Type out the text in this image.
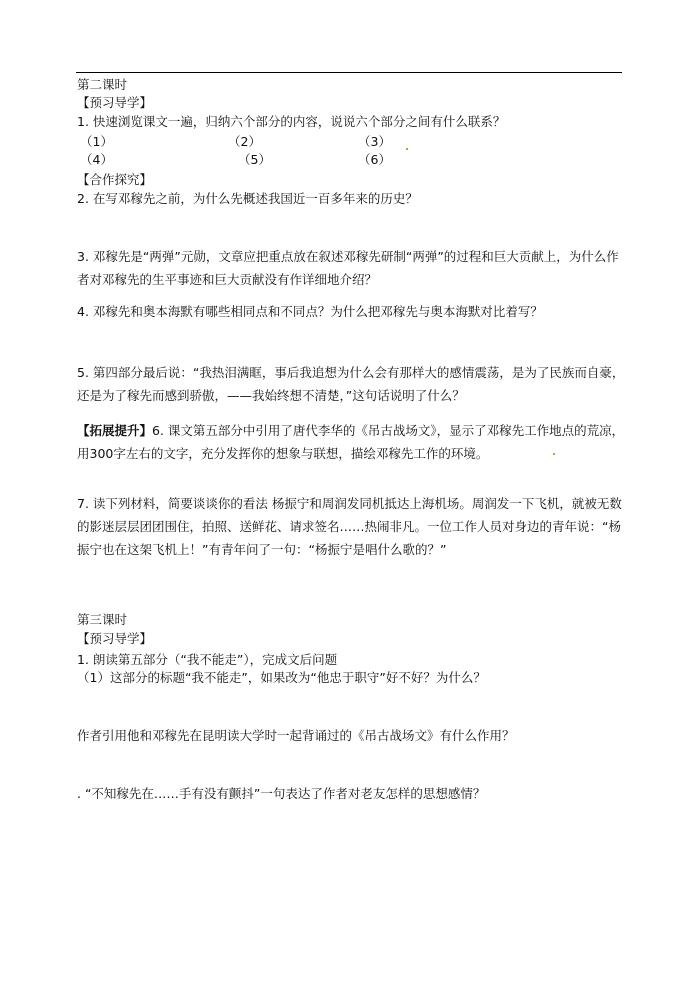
第二课时
【预习导学】
1. 快速浏览课文一遍，归纳六个部分的内容，说说六个部分之间有什么联系？
（1）	（2）	（3）
（4）	（5）	（6）
【合作探究】
2. 在写邓稼先之前，为什么先概述我国近一百多年来的历史？
3. 邓稼先是“两弹”元勋，文章应把重点放在叙述邓稼先研制“两弹”的过程和巨大贡献上，为什么作者对邓稼先的生平事迹和巨大贡献没有作详细地介绍？
4. 邓稼先和奥本海默有哪些相同点和不同点？为什么把邓稼先与奥本海默对比着写？
5. 第四部分最后说：“我热泪满眶，事后我追想为什么会有那样大的感情震荡，是为了民族而自豪，还是为了稼先而感到骄傲，——我始终想不清楚，”这句话说明了什么？
【拓展提升】6. 课文第五部分中引用了唐代李华的《吊古战场文》，显示了邓稼先工作地点的荒凉，用300字左右的文字，充分发挥你的想象与联想，描绘邓稼先工作的环境。
7. 读下列材料，简要谈谈你的看法 杨振宁和周润发同机抵达上海机场。周润发一下飞机，就被无数的影迷层层团团围住，拍照、送鲜花、请求签名……热闹非凡。一位工作人员对身边的青年说：“杨振宁也在这架飞机上！”有青年问了一句：“杨振宁是唱什么歌的？”
第三课时
【预习导学】
1. 朗读第五部分（“我不能走”），完成文后问题
（1）这部分的标题“我不能走”，如果改为“他忠于职守”好不好？为什么？
作者引用他和邓稼先在昆明读大学时一起背诵过的《吊古战场文》有什么作用？
. “不知稼先在……手有没有颤抖”一句表达了作者对老友怎样的思想感情？
